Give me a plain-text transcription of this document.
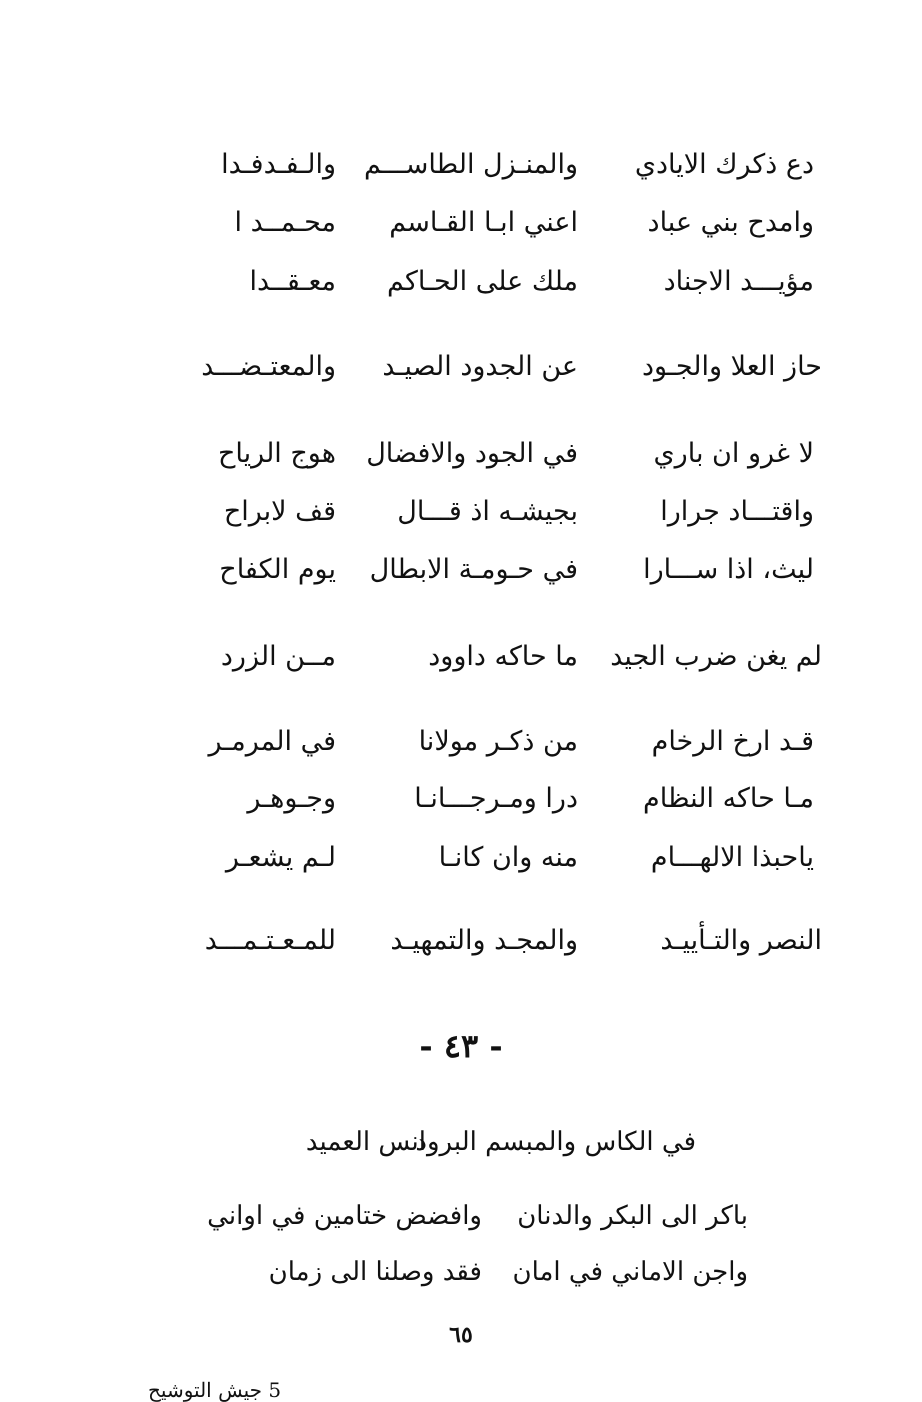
دع ذكرك الايادي
والمنـزل الطاســـم
والـفـدفـدا
وامدح بني عباد
اعني ابـا القـاسم
محـمــد ا
مؤيـــد الاجناد
ملك على الحـاكم
معـقــدا
حاز العلا والجـود
عن الجدود الصيـد
والمعتـضـــد
لا غرو ان باري
في الجود والافضال
هوج الرياح
واقتـــاد جرارا
بجيشـه اذ قـــال
قف لابراح
ليث، اذا ســـارا
في حـومـة الابطال
يوم الكفاح
لم يغن ضرب الجيد
ما حاكه داوود
مــن الزرد
قـد ارخ الرخام
من ذكـر مولانا
في المرمـر
مـا حاكه النظام
درا ومـرجـــانـا
وجـوهـر
ياحبذا الالهـــام
منه وان كانـا
لـم يشعـر
النصر والتـأييـد
والمجـد والتمهيـد
للمـعـتـمـــد
- ٤٣ -
في الكاس والمبسم البرود
انس العميد
باكر الى البكر والدنان
وافضض ختامين في اواني
واجن الاماني في امان
فقد وصلنا الى زمان
٦٥
5 جيش التوشيح
